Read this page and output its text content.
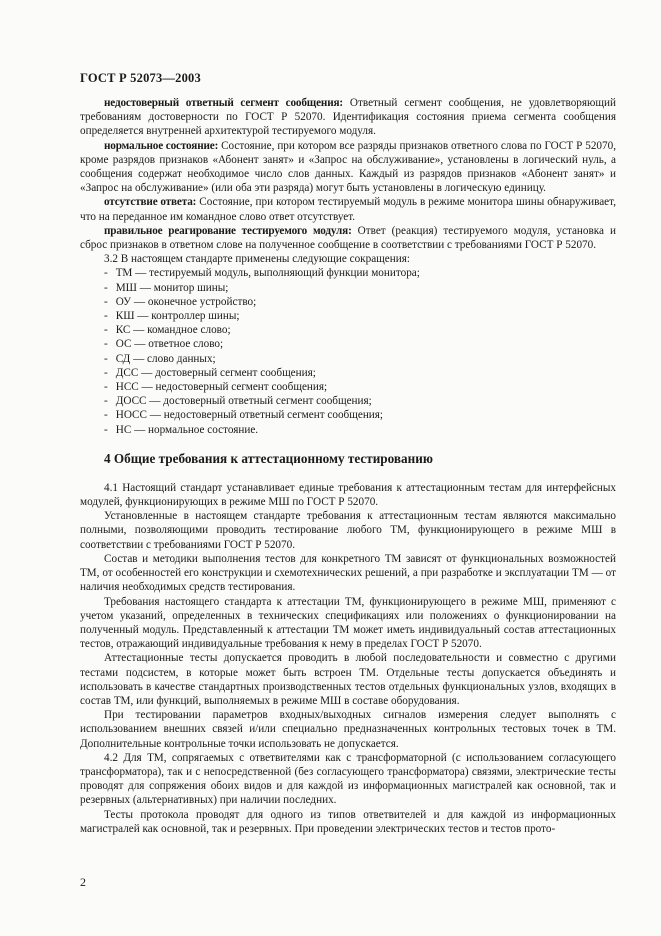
ГОСТ Р 52073—2003

недостоверный ответный сегмент сообщения: Ответный сегмент сообщения, не удовлетворяющий требованиям достоверности по ГОСТ Р 52070. Идентификация состояния приема сегмента сообщения определяется внутренней архитектурой тестируемого модуля.

нормальное состояние: Состояние, при котором все разряды признаков ответного слова по ГОСТ Р 52070, кроме разрядов признаков «Абонент занят» и «Запрос на обслуживание», установлены в логический нуль, а сообщения содержат необходимое число слов данных. Каждый из разрядов признаков «Абонент занят» и «Запрос на обслуживание» (или оба эти разряда) могут быть установлены в логическую единицу.

отсутствие ответа: Состояние, при котором тестируемый модуль в режиме монитора шины обнаруживает, что на переданное им командное слово ответ отсутствует.

правильное реагирование тестируемого модуля: Ответ (реакция) тестируемого модуля, установка и сброс признаков в ответном слове на полученное сообщение в соответствии с требованиями ГОСТ Р 52070.

3.2 В настоящем стандарте применены следующие сокращения:

- ТМ — тестируемый модуль, выполняющий функции монитора;
- МШ — монитор шины;
- ОУ — оконечное устройство;
- КШ — контроллер шины;
- КС — командное слово;
- ОС — ответное слово;
- СД — слово данных;
- ДСС — достоверный сегмент сообщения;
- НСС — недостоверный сегмент сообщения;
- ДОСС — достоверный ответный сегмент сообщения;
- НОСС — недостоверный ответный сегмент сообщения;
- НС — нормальное состояние.
4 Общие требования к аттестационному тестированию

4.1 Настоящий стандарт устанавливает единые требования к аттестационным тестам для интерфейсных модулей, функционирующих в режиме МШ по ГОСТ Р 52070.

Установленные в настоящем стандарте требования к аттестационным тестам являются максимально полными, позволяющими проводить тестирование любого ТМ, функционирующего в режиме МШ в соответствии с требованиями ГОСТ Р 52070.

Состав и методики выполнения тестов для конкретного ТМ зависят от функциональных возможностей ТМ, от особенностей его конструкции и схемотехнических решений, а при разработке и эксплуатации ТМ — от наличия необходимых средств тестирования.

Требования настоящего стандарта к аттестации ТМ, функционирующего в режиме МШ, применяют с учетом указаний, определенных в технических спецификациях или положениях о функционировании на полученный модуль. Представленный к аттестации ТМ может иметь индивидуальный состав аттестационных тестов, отражающий индивидуальные требования к нему в пределах ГОСТ Р 52070.

Аттестационные тесты допускается проводить в любой последовательности и совместно с другими тестами подсистем, в которые может быть встроен ТМ. Отдельные тесты допускается объединять и использовать в качестве стандартных производственных тестов отдельных функциональных узлов, входящих в состав ТМ, или функций, выполняемых в режиме МШ в составе оборудования.

При тестировании параметров входных/выходных сигналов измерения следует выполнять с использованием внешних связей и/или специально предназначенных контрольных тестовых точек в ТМ. Дополнительные контрольные точки использовать не допускается.

4.2 Для ТМ, сопрягаемых с ответвителями как с трансформаторной (с использованием согласующего трансформатора), так и с непосредственной (без согласующего трансформатора) связями, электрические тесты проводят для сопряжения обоих видов и для каждой из информационных магистралей как основной, так и резервных (альтернативных) при наличии последних.

Тесты протокола проводят для одного из типов ответвителей и для каждой из информационных магистралей как основной, так и резервных. При проведении электрических тестов и тестов прото-

2
